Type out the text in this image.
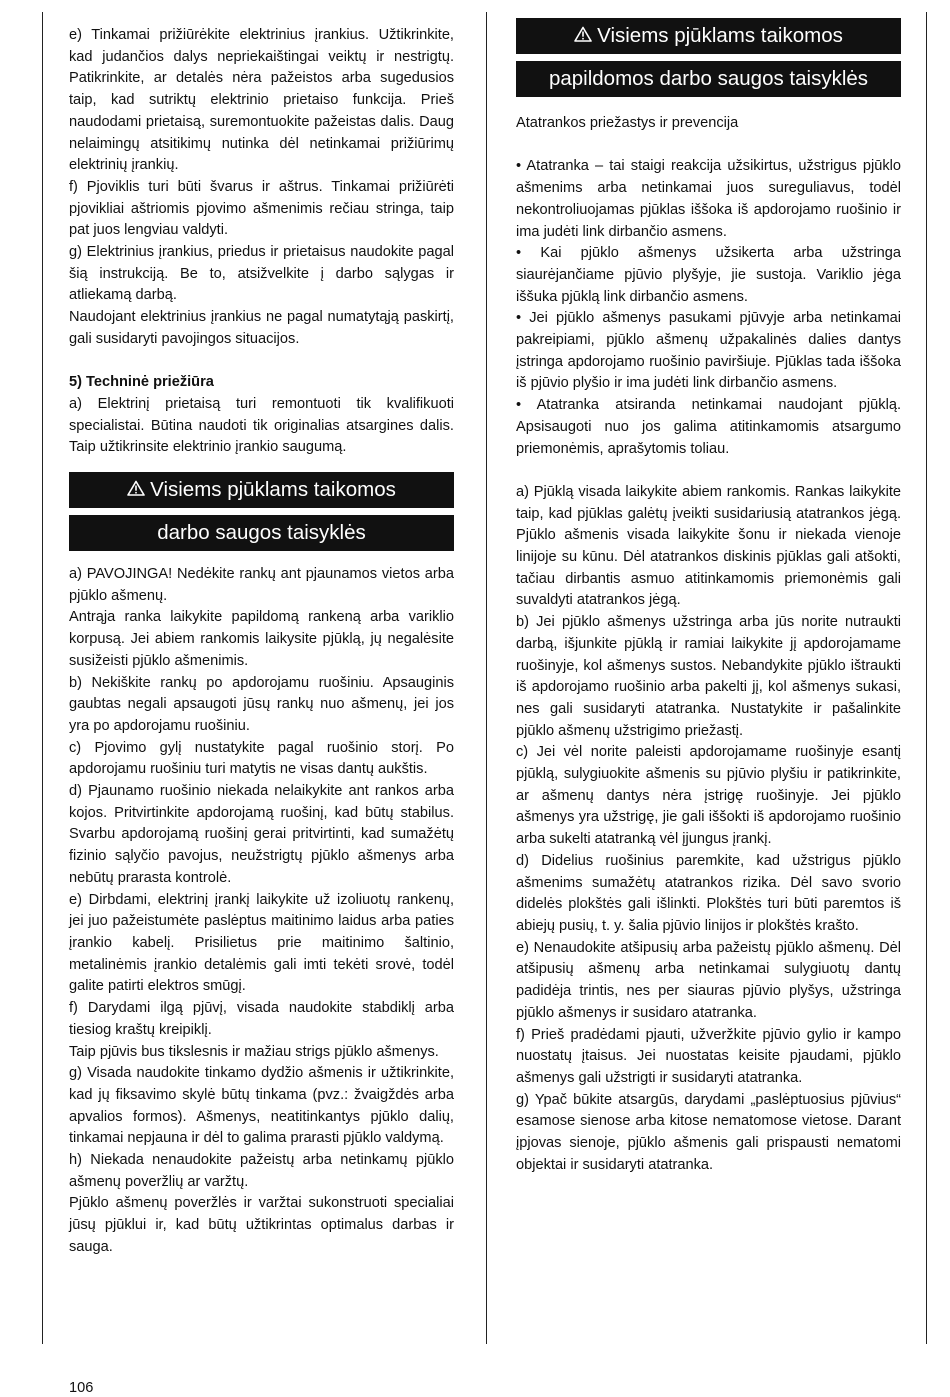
e) Tinkamai prižiūrėkite elektrinius įrankius. Užtikrinkite, kad judančios dalys nepriekaištingai veiktų ir nestrigtų. Patikrinkite, ar detalės nėra pažeistos arba sugedusios taip, kad sutriktų elektrinio prietaiso funkcija. Prieš naudodami prietaisą, suremontuokite pažeistas dalis. Daug nelaimingų atsitikimų nutinka dėl netinkamai prižiūrimų elektrinių įrankių.

f) Pjoviklis turi būti švarus ir aštrus. Tinkamai prižiūrėti pjovikliai aštriomis pjovimo ašmenimis rečiau stringa, taip pat juos lengviau valdyti.

g) Elektrinius įrankius, priedus ir prietaisus naudokite pagal šią instrukciją. Be to, atsižvelkite į darbo sąlygas ir atliekamą darbą.

Naudojant elektrinius įrankius ne pagal numatytąją paskirtį, gali susidaryti pavojingos situacijos.

5) Techninė priežiūra

a) Elektrinį prietaisą turi remontuoti tik kvalifikuoti specialistai. Būtina naudoti tik originalias atsargines dalis. Taip užtikrinsite elektrinio įrankio saugumą.

Visiems pjūklams taikomos
darbo saugos taisyklės

a) PAVOJINGA! Nedėkite rankų ant pjaunamos vietos arba pjūklo ašmenų.

Antrąja ranka laikykite papildomą rankeną arba variklio korpusą. Jei abiem rankomis laikysite pjūklą, jų negalėsite susižeisti pjūklo ašmenimis.

b) Nekiškite rankų po apdorojamu ruošiniu. Apsauginis gaubtas negali apsaugoti jūsų rankų nuo ašmenų, jei jos yra po apdorojamu ruošiniu.

c) Pjovimo gylį nustatykite pagal ruošinio storį. Po apdorojamu ruošiniu turi matytis ne visas dantų aukštis.

d) Pjaunamo ruošinio niekada nelaikykite ant rankos arba kojos. Pritvirtinkite apdorojamą ruošinį, kad būtų stabilus. Svarbu apdorojamą ruošinį gerai pritvirtinti, kad sumažėtų fizinio sąlyčio pavojus, neužstrigtų pjūklo ašmenys arba nebūtų prarasta kontrolė.

e) Dirbdami, elektrinį įrankį laikykite už izoliuotų rankenų, jei juo pažeistumėte paslėptus maitinimo laidus arba paties įrankio kabelį. Prisilietus prie maitinimo šaltinio, metalinėmis įrankio detalėmis gali imti tekėti srovė, todėl galite patirti elektros smūgį.

f) Darydami ilgą pjūvį, visada naudokite stabdiklį arba tiesiog kraštų kreipiklį.

Taip pjūvis bus tikslesnis ir mažiau strigs pjūklo ašmenys.

g) Visada naudokite tinkamo dydžio ašmenis ir užtikrinkite, kad jų fiksavimo skylė būtų tinkama (pvz.: žvaigždės arba apvalios formos). Ašmenys, neatitinkantys pjūklo dalių, tinkamai nepjauna ir dėl to galima prarasti pjūklo valdymą.

h) Niekada nenaudokite pažeistų arba netinkamų pjūklo ašmenų poveržlių ar varžtų.

Pjūklo ašmenų poveržlės ir varžtai sukonstruoti specialiai jūsų pjūklui ir, kad būtų užtikrintas optimalus darbas ir sauga.

Visiems pjūklams taikomos
papildomos darbo saugos taisyklės

Atatrankos priežastys ir prevencija

• Atatranka – tai staigi reakcija užsikirtus, užstrigus pjūklo ašmenims arba netinkamai juos sureguliavus, todėl nekontroliuojamas pjūklas iššoka iš apdorojamo ruošinio ir ima judėti link dirbančio asmens.

• Kai pjūklo ašmenys užsikerta arba užstringa siaurėjančiame pjūvio plyšyje, jie sustoja. Variklio jėga iššuka pjūklą link dirbančio asmens.

• Jei pjūklo ašmenys pasukami pjūvyje arba netinkamai pakreipiami, pjūklo ašmenų užpakalinės dalies dantys įstringa apdorojamo ruošinio paviršiuje. Pjūklas tada iššoka iš pjūvio plyšio ir ima judėti link dirbančio asmens.

• Atatranka atsiranda netinkamai naudojant pjūklą. Apsisaugoti nuo jos galima atitinkamomis atsargumo priemonėmis, aprašytomis toliau.

a) Pjūklą visada laikykite abiem rankomis. Rankas laikykite taip, kad pjūklas galėtų įveikti susidariusią atatrankos jėgą. Pjūklo ašmenis visada laikykite šonu ir niekada vienoje linijoje su kūnu. Dėl atatrankos diskinis pjūklas gali atšokti, tačiau dirbantis asmuo atitinkamomis priemonėmis gali suvaldyti atatrankos jėgą.

b) Jei pjūklo ašmenys užstringa arba jūs norite nutraukti darbą, išjunkite pjūklą ir ramiai laikykite jį apdorojamame ruošinyje, kol ašmenys sustos. Nebandykite pjūklo ištraukti iš apdorojamo ruošinio arba pakelti jį, kol ašmenys sukasi, nes gali susidaryti atatranka. Nustatykite ir pašalinkite pjūklo ašmenų užstrigimo priežastį.

c) Jei vėl norite paleisti apdorojamame ruošinyje esantį pjūklą, sulygiuokite ašmenis su pjūvio plyšiu ir patikrinkite, ar ašmenų dantys nėra įstrigę ruošinyje. Jei pjūklo ašmenys yra užstrigę, jie gali iššokti iš apdorojamo ruošinio arba sukelti atatranką vėl įjungus įrankį.

d) Didelius ruošinius paremkite, kad užstrigus pjūklo ašmenims sumažėtų atatrankos rizika. Dėl savo svorio didelės plokštės gali išlinkti. Plokštės turi būti paremtos iš abiejų pusių, t. y. šalia pjūvio linijos ir plokštės krašto.

e) Nenaudokite atšipusių arba pažeistų pjūklo ašmenų. Dėl atšipusių ašmenų arba netinkamai sulygiuotų dantų padidėja trintis, nes per siauras pjūvio plyšys, užstringa pjūklo ašmenys ir susidaro atatranka.

f) Prieš pradėdami pjauti, užveržkite pjūvio gylio ir kampo nuostatų įtaisus. Jei nuostatas keisite pjaudami, pjūklo ašmenys gali užstrigti ir susidaryti atatranka.

g) Ypač būkite atsargūs, darydami „paslėptuosius pjūvius“ esamose sienose arba kitose nematomose vietose. Darant įpjovas sienoje, pjūklo ašmenis gali prispausti nematomi objektai ir susidaryti atatranka.

106
